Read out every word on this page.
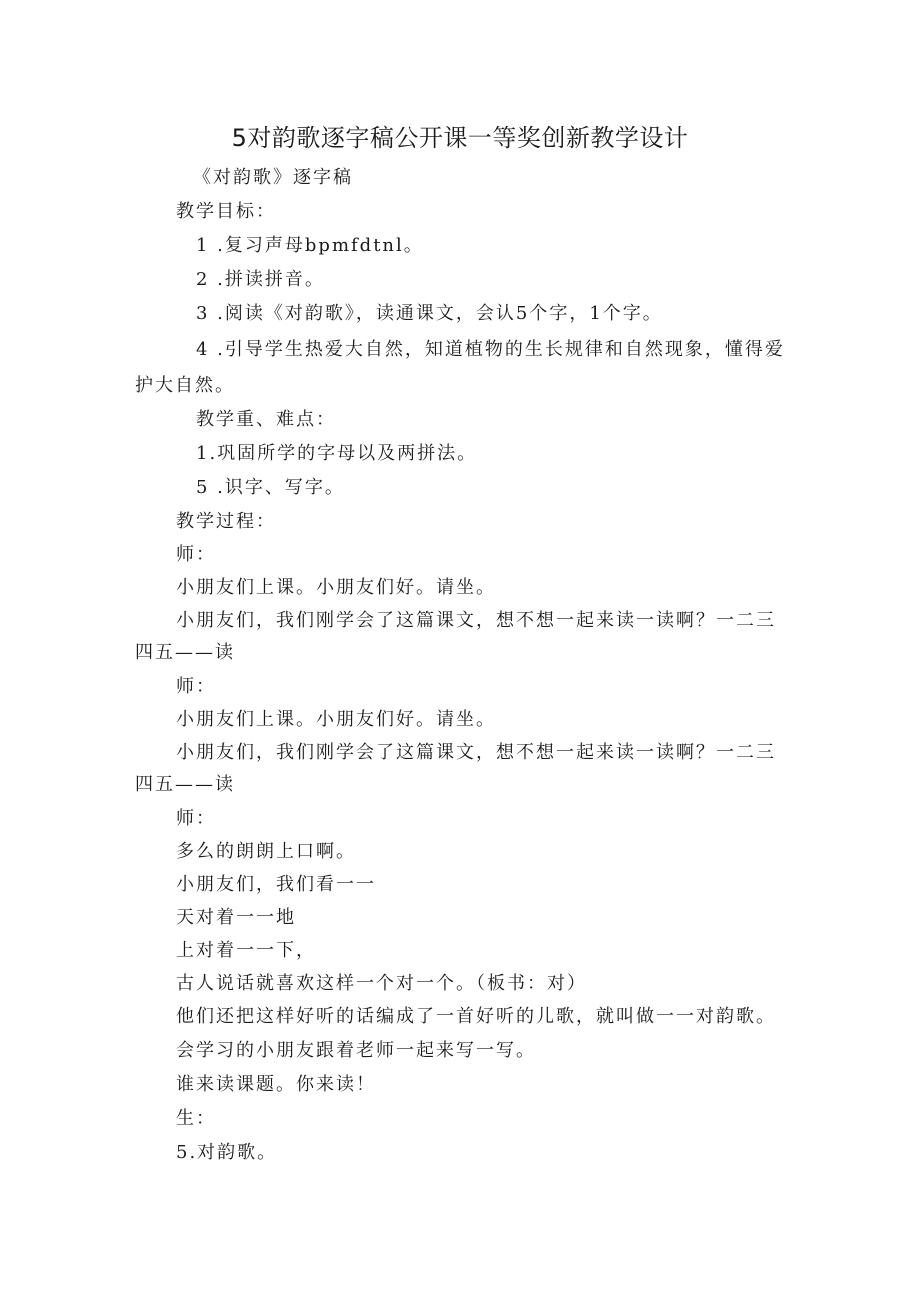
5对韵歌逐字稿公开课一等奖创新教学设计

《对韵歌》逐字稿

教学目标：

1 .复习声母bpmfdtnl。

2 .拼读拼音。

3 .阅读《对韵歌》，读通课文，会认5个字，1个字。

4 .引导学生热爱大自然，知道植物的生长规律和自然现象，懂得爱

护大自然。

教学重、难点：

1.巩固所学的字母以及两拼法。

5 .识字、写字。

教学过程：

师：

小朋友们上课。小朋友们好。请坐。

小朋友们，我们刚学会了这篇课文，想不想一起来读一读啊？一二三

四五——读

师：

小朋友们上课。小朋友们好。请坐。

小朋友们，我们刚学会了这篇课文，想不想一起来读一读啊？一二三

四五——读

师：

多么的朗朗上口啊。

小朋友们，我们看一一

天对着一一地

上对着一一下，

古人说话就喜欢这样一个对一个。（板书：对）

他们还把这样好听的话编成了一首好听的儿歌，就叫做一一对韵歌。

会学习的小朋友跟着老师一起来写一写。

谁来读课题。你来读！

生：

5.对韵歌。
